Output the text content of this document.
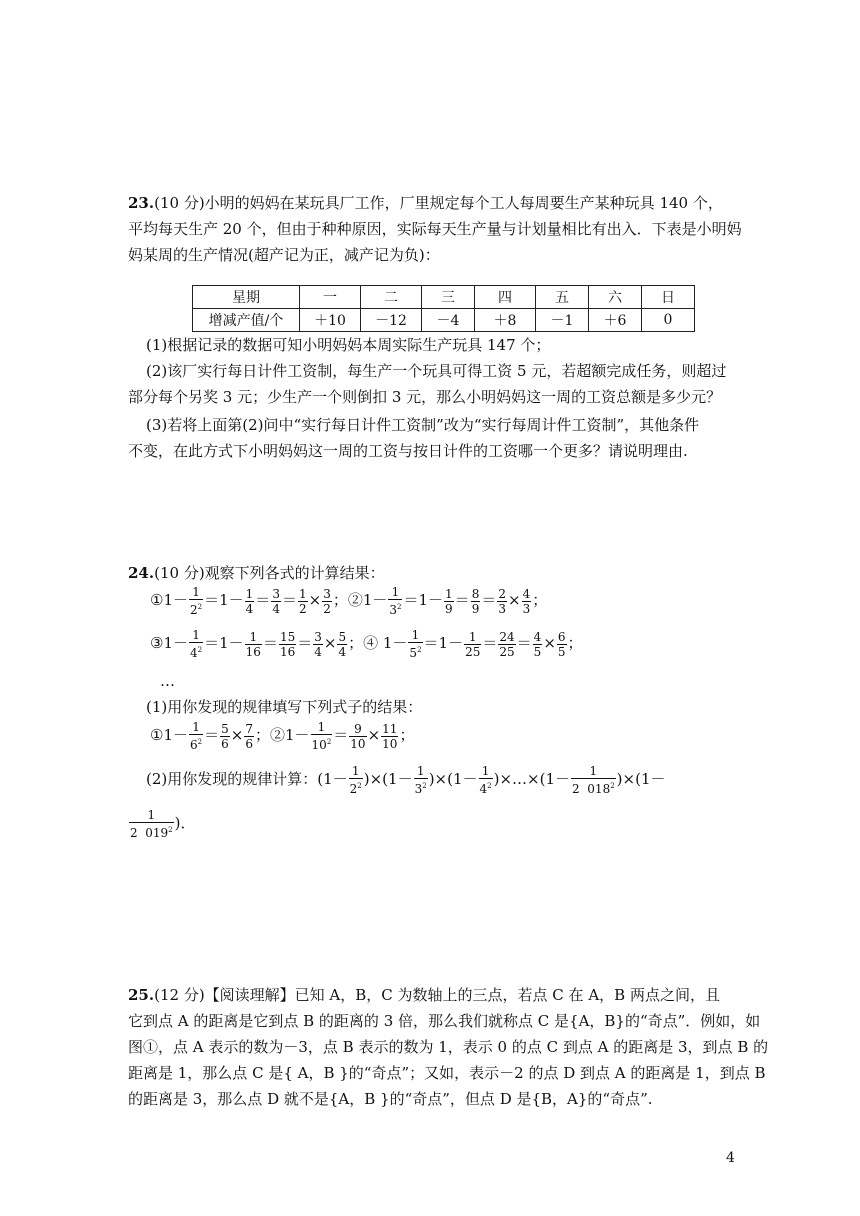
23.(10 分)小明的妈妈在某玩具厂工作，厂里规定每个工人每周要生产某种玩具 140 个，
平均每天生产 20 个，但由于种种原因，实际每天生产量与计划量相比有出入．下表是小明妈
妈某周的生产情况(超产记为正，减产记为负)：
星期	一	二	三	四	五	六	日
增减产值/个	＋10	－12	－4	＋8	－1	＋6	0
(1)根据记录的数据可知小明妈妈本周实际生产玩具 147 个；
(2)该厂实行每日计件工资制，每生产一个玩具可得工资 5 元，若超额完成任务，则超过
部分每个另奖 3 元；少生产一个则倒扣 3 元，那么小明妈妈这一周的工资总额是多少元？
(3)若将上面第(2)问中“实行每日计件工资制”改为“实行每周计件工资制”，其他条件
不变，在此方式下小明妈妈这一周的工资与按日计件的工资哪一个更多？请说明理由.
24.(10 分)观察下列各式的计算结果：
①1－ $\frac{1}{2^2} =1- \frac{1}{4} = \frac{3}{4} = \frac{1}{2} \times \frac{3}{2}$ ；②1－ $\frac{1}{3^2} =1- \frac{1}{9} = \frac{8}{9} = \frac{2}{3} \times \frac{4}{3}$ ；
③1－ $\frac{1}{4^2} =1- \frac{1}{16} = \frac{15}{16} = \frac{3}{4} \times \frac{5}{4}$ ；④ $1- \frac{1}{5^2} =1- \frac{1}{25} = \frac{24}{25} = \frac{4}{5} \times \frac{6}{5}$ ；
…
(1)用你发现的规律填写下列式子的结果：
①1－ $\frac{1}{6^2} = \frac{5}{6} \times \frac{7}{6}$ ；②1－ $\frac{1}{10^2} = \frac{9}{10} \times \frac{11}{10}$ ；
(2)用你发现的规律计算：$(1- \frac{1}{2^2} )\times(1- \frac{1}{3^2} )\times(1- \frac{1}{4^2}$ )×…×(1－ $\frac{1}{2 018^2} )\times(1-$
$\frac{1}{2 019^2}$ )．
25.(12 分)【阅读理解】已知 A，B，C 为数轴上的三点，若点 C 在 A，B 两点之间，且
它到点 A 的距离是它到点 B 的距离的 3 倍，那么我们就称点 C 是{A，B}的“奇点”．例如，如
图①，点 A 表示的数为－3，点 B 表示的数为 1，表示 0 的点 C 到点 A 的距离是 3，到点 B 的
距离是 1，那么点 C 是{ A，B }的“奇点”；又如，表示－2 的点 D 到点 A 的距离是 1，到点 B
的距离是 3，那么点 D 就不是{A，B }的“奇点”，但点 D 是{B，A}的“奇点”.
4
